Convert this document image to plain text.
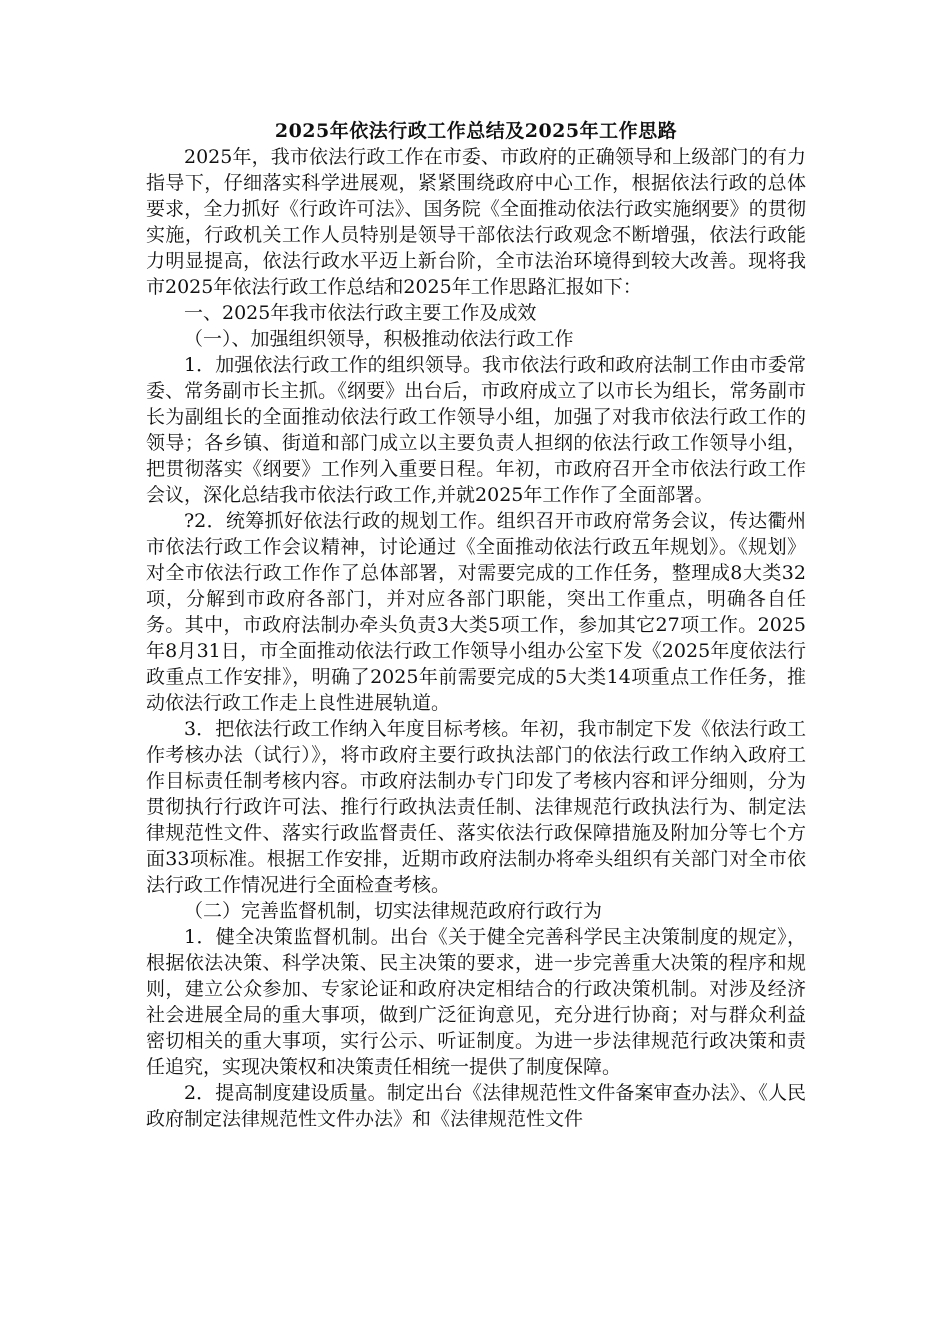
2025年依法行政工作总结及2025年工作思路

2025年，我市依法行政工作在市委、市政府的正确领导和上级部门的有力指导下，仔细落实科学进展观，紧紧围绕政府中心工作，根据依法行政的总体要求，全力抓好《行政许可法》、国务院《全面推动依法行政实施纲要》的贯彻实施，行政机关工作人员特别是领导干部依法行政观念不断增强，依法行政能力明显提高，依法行政水平迈上新台阶，全市法治环境得到较大改善。现将我市2025年依法行政工作总结和2025年工作思路汇报如下：

一、2025年我市依法行政主要工作及成效

（一）、加强组织领导，积极推动依法行政工作

1．加强依法行政工作的组织领导。我市依法行政和政府法制工作由市委常委、常务副市长主抓。《纲要》出台后，市政府成立了以市长为组长，常务副市长为副组长的全面推动依法行政工作领导小组，加强了对我市依法行政工作的领导；各乡镇、街道和部门成立以主要负责人担纲的依法行政工作领导小组，把贯彻落实《纲要》工作列入重要日程。年初，市政府召开全市依法行政工作会议，深化总结我市依法行政工作,并就2025年工作作了全面部署。

?2．统筹抓好依法行政的规划工作。组织召开市政府常务会议，传达衢州市依法行政工作会议精神，讨论通过《全面推动依法行政五年规划》。《规划》对全市依法行政工作作了总体部署，对需要完成的工作任务，整理成8大类32项，分解到市政府各部门，并对应各部门职能，突出工作重点，明确各自任务。其中，市政府法制办牵头负责3大类5项工作，参加其它27项工作。2025年8月31日，市全面推动依法行政工作领导小组办公室下发《2025年度依法行政重点工作安排》，明确了2025年前需要完成的5大类14项重点工作任务，推动依法行政工作走上良性进展轨道。

3．把依法行政工作纳入年度目标考核。年初，我市制定下发《依法行政工作考核办法（试行）》，将市政府主要行政执法部门的依法行政工作纳入政府工作目标责任制考核内容。市政府法制办专门印发了考核内容和评分细则，分为贯彻执行行政许可法、推行行政执法责任制、法律规范行政执法行为、制定法律规范性文件、落实行政监督责任、落实依法行政保障措施及附加分等七个方面33项标准。根据工作安排，近期市政府法制办将牵头组织有关部门对全市依法行政工作情况进行全面检查考核。

（二）完善监督机制，切实法律规范政府行政行为

1．健全决策监督机制。出台《关于健全完善科学民主决策制度的规定》，根据依法决策、科学决策、民主决策的要求，进一步完善重大决策的程序和规则，建立公众参加、专家论证和政府决定相结合的行政决策机制。对涉及经济社会进展全局的重大事项，做到广泛征询意见，充分进行协商；对与群众利益密切相关的重大事项，实行公示、听证制度。为进一步法律规范行政决策和责任追究，实现决策权和决策责任相统一提供了制度保障。

2．提高制度建设质量。制定出台《法律规范性文件备案审查办法》、《人民政府制定法律规范性文件办法》和《法律规范性文件
